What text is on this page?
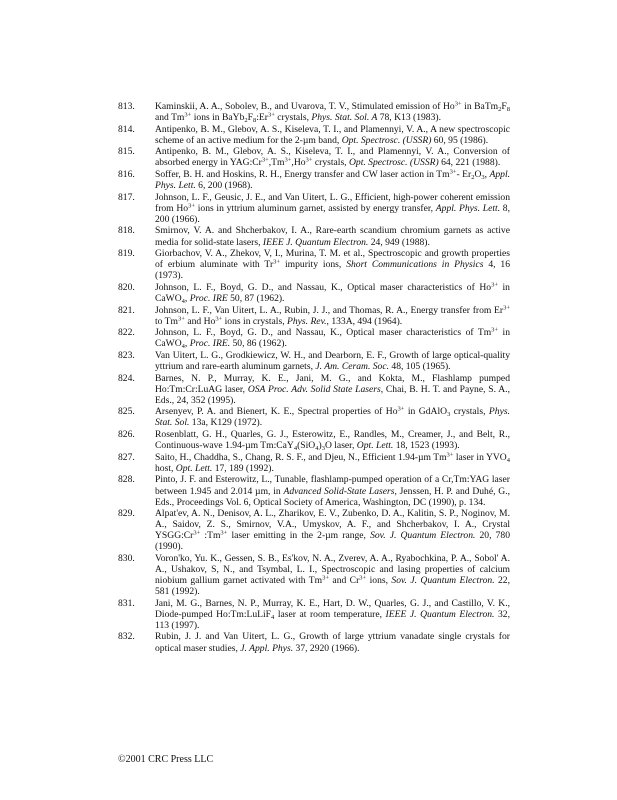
813.	Kaminskii, A. A., Sobolev, B., and Uvarova, T. V., Stimulated emission of $Ho^{3+}$ in $BaTm_2F_8$ and $Tm^{3+}$ ions in $BaYb_2F_8:Er^{3+}$ crystals, Phys. Stat. Sol. A 78, K13 (1983).
814.	Antipenko, B. M., Glebov, A. S., Kiseleva, T. I., and Plamennyi, V. A., A new spectroscopic scheme of an active medium for the 2-µm band, Opt. Spectrosc. (USSR) 60, 95 (1986).
815.	Antipenko, B. M., Glebov, A. S., Kiseleva, T. I., and Plamennyi, V. A., Conversion of absorbed energy in $YAG:Cr^{3+},Tm^{3+},Ho^{3+}$ crystals, Opt. Spectrosc. (USSR) 64, 221 (1988).
816.	Soffer, B. H. and Hoskins, R. H., Energy transfer and CW laser action in $Tm^{3+}-$ $Er_2O_3$, Appl. Phys. Lett. 6, 200 (1968).
817.	Johnson, L. F., Geusic, J. E., and Van Uitert, L. G., Efficient, high-power coherent emission from $Ho^{3+}$ ions in yttrium aluminum garnet, assisted by energy transfer, Appl. Phys. Lett. 8, 200 (1966).
818.	Smirnov, V. A. and Shcherbakov, I. A., Rare-earth scandium chromium garnets as active media for solid-state lasers, IEEE J. Quantum Electron. 24, 949 (1988).
819.	Giorbachov, V. A., Zhekov, V, I., Murina, T. M. et al., Spectroscopic and growth properties of erbium aluminate with $Tr^{3+}$ impurity ions, Short Communications in Physics 4, 16 (1973).
820.	Johnson, L. F., Boyd, G. D., and Nassau, K., Optical maser characteristics of $Ho^{3+}$ in CaWO$_4$, Proc. IRE 50, 87 (1962).
821.	Johnson, L. F., Van Uitert, L. A., Rubin, J. J., and Thomas, R. A., Energy transfer from $Er^{3+}$ to $Tm^{3+}$ and $Ho^{3+}$ ions in crystals, Phys. Rev., 133A, 494 (1964).
822.	Johnson, L. F., Boyd, G. D., and Nassau, K., Optical maser characteristics of $Tm^{3+}$ in CaWO$_4$, Proc. IRE. 50, 86 (1962).
823.	Van Uitert, L. G., Grodkiewicz, W. H., and Dearborn, E. F., Growth of large optical-quality yttrium and rare-earth aluminum garnets, J. Am. Ceram. Soc. 48, 105 (1965).
824.	Barnes, N. P., Murray, K. E., Jani, M. G., and Kokta, M., Flashlamp pumped Ho:Tm:Cr:LuAG laser, OSA Proc. Adv. Solid State Lasers, Chai, B. H. T. and Payne, S. A., Eds., 24, 352 (1995).
825.	Arsenyev, P. A. and Bienert, K. E., Spectral properties of $Ho^{3+}$ in GdAlO$_3$ crystals, Phys. Stat. Sol. 13a, K129 (1972).
826.	Rosenblatt, G. H., Quarles, G. J., Esterowitz, E., Randles, M., Creamer, J., and Belt, R., Continuous-wave 1.94-µm $Tm:CaY_4(SiO_4)_3O$ laser, Opt. Lett. 18, 1523 (1993).
827.	Saito, H., Chaddha, S., Chang, R. S. F., and Djeu, N., Efficient 1.94-µm $Tm^{3+}$ laser in $YVO_4$ host, Opt. Lett. 17, 189 (1992).
828.	Pinto, J. F. and Esterowitz, L., Tunable, flashlamp-pumped operation of a Cr,Tm:YAG laser between 1.945 and 2.014 µm, in Advanced Solid-State Lasers, Jenssen, H. P. and Duhé, G., Eds., Proceedings Vol. 6, Optical Society of America, Washington, DC (1990), p. 134.
829.	Alpat'ev, A. N., Denisov, A. L., Zharikov, E. V., Zubenko, D. A., Kalitin, S. P., Noginov, M. A., Saidov, Z. S., Smirnov, V.A., Umyskov, A. F., and Shcherbakov, I. A., Crystal $YSGG:Cr^{3+}$ $:Tm^{3+}$ laser emitting in the 2-µm range, Sov. J. Quantum Electron. 20, 780 (1990).
830.	Voron'ko, Yu. K., Gessen, S. B., Es'kov, N. A., Zverev, A. A., Ryabochkina, P. A., Sobol' A. A., Ushakov, S, N., and Tsymbal, L. I., Spectroscopic and lasing properties of calcium niobium gallium garnet activated with $Tm^{3+}$ and $Cr^{3+}$ ions, Sov. J. Quantum Electron. 22, 581 (1992).
831.	Jani, M. G., Barnes, N. P., Murray, K. E., Hart, D. W., Quarles, G. J., and Castillo, V. K., Diode-pumped Ho:Tm:LuLiF$_4$ laser at room temperature, IEEE J. Quantum Electron. 32, 113 (1997).
832.	Rubin, J. J. and Van Uitert, L. G., Growth of large yttrium vanadate single crystals for optical maser studies, J. Appl. Phys. 37, 2920 (1966).
©2001 CRC Press LLC
